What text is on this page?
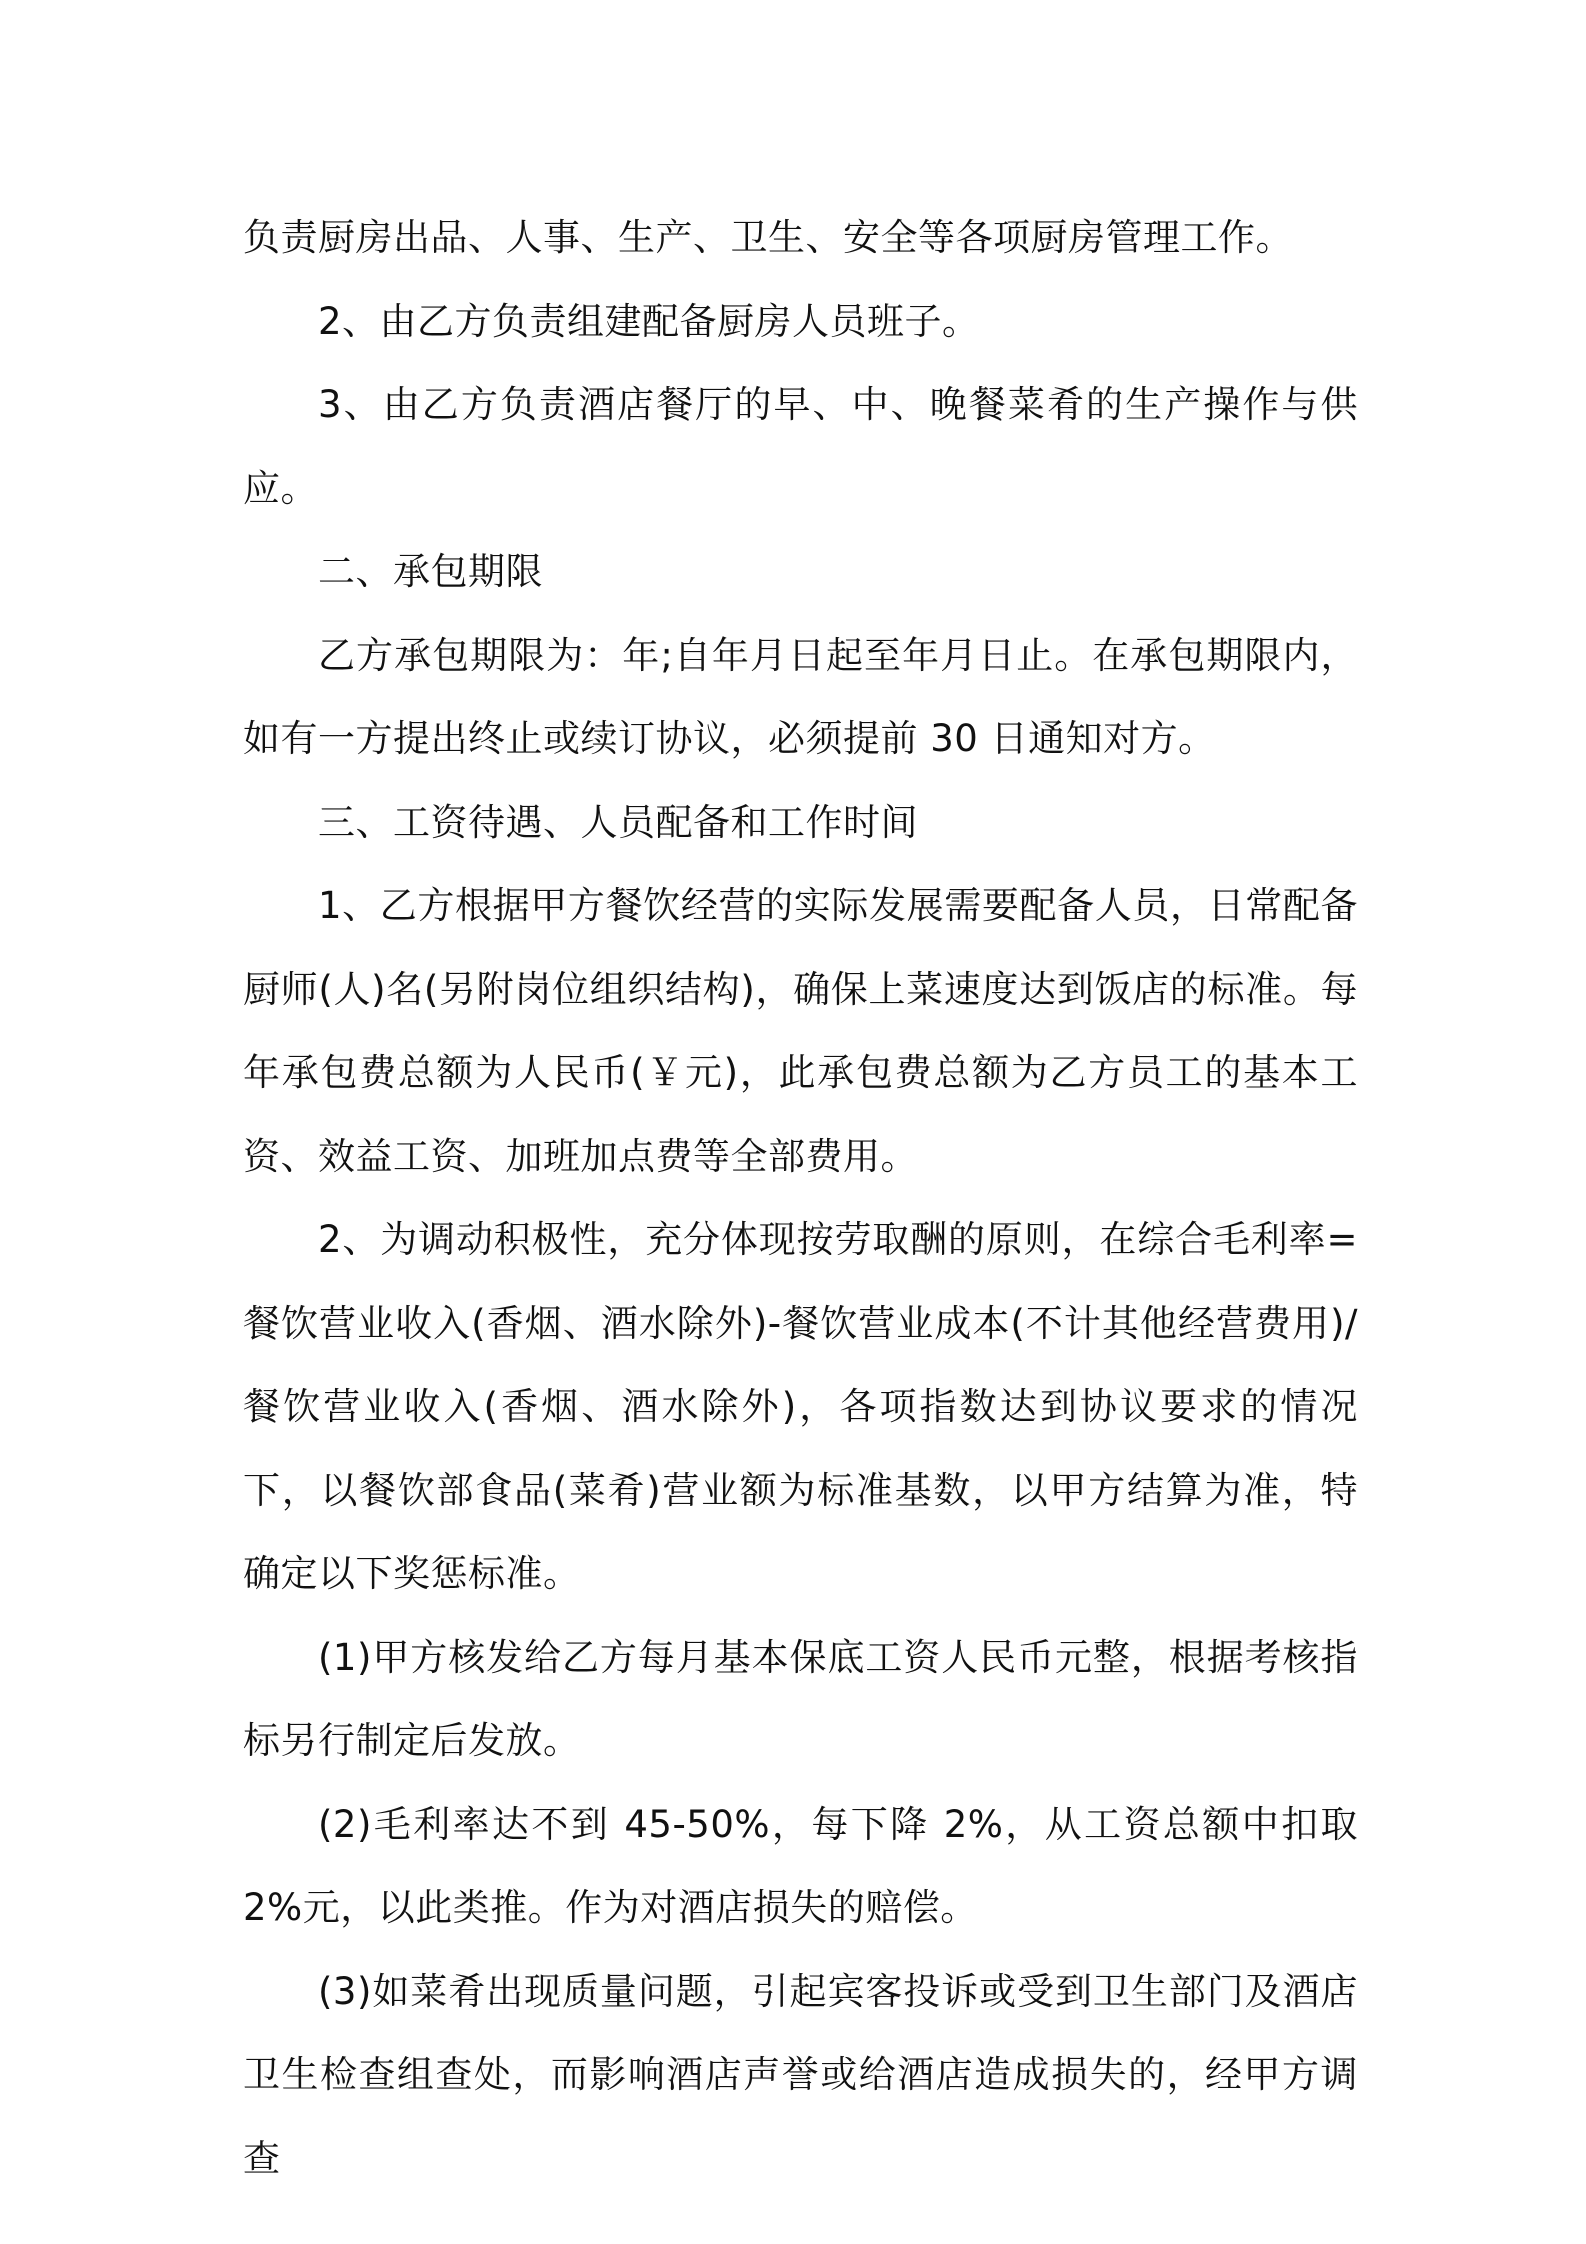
负责厨房出品、人事、生产、卫生、安全等各项厨房管理工作。

2、由乙方负责组建配备厨房人员班子。

3、由乙方负责酒店餐厅的早、中、晚餐菜肴的生产操作与供应。

二、承包期限

乙方承包期限为：年;自年月日起至年月日止。在承包期限内，如有一方提出终止或续订协议，必须提前 30 日通知对方。

三、工资待遇、人员配备和工作时间

1、乙方根据甲方餐饮经营的实际发展需要配备人员，日常配备厨师(人)名(另附岗位组织结构)，确保上菜速度达到饭店的标准。每年承包费总额为人民币(￥元)，此承包费总额为乙方员工的基本工资、效益工资、加班加点费等全部费用。

2、为调动积极性，充分体现按劳取酬的原则，在综合毛利率=餐饮营业收入(香烟、酒水除外)-餐饮营业成本(不计其他经营费用)/餐饮营业收入(香烟、酒水除外)，各项指数达到协议要求的情况下，以餐饮部食品(菜肴)营业额为标准基数，以甲方结算为准，特确定以下奖惩标准。

(1)甲方核发给乙方每月基本保底工资人民币元整，根据考核指标另行制定后发放。

(2)毛利率达不到 45-50%，每下降 2%，从工资总额中扣取 2%元，以此类推。作为对酒店损失的赔偿。

(3)如菜肴出现质量问题，引起宾客投诉或受到卫生部门及酒店卫生检查组查处，而影响酒店声誉或给酒店造成损失的，经甲方调查
